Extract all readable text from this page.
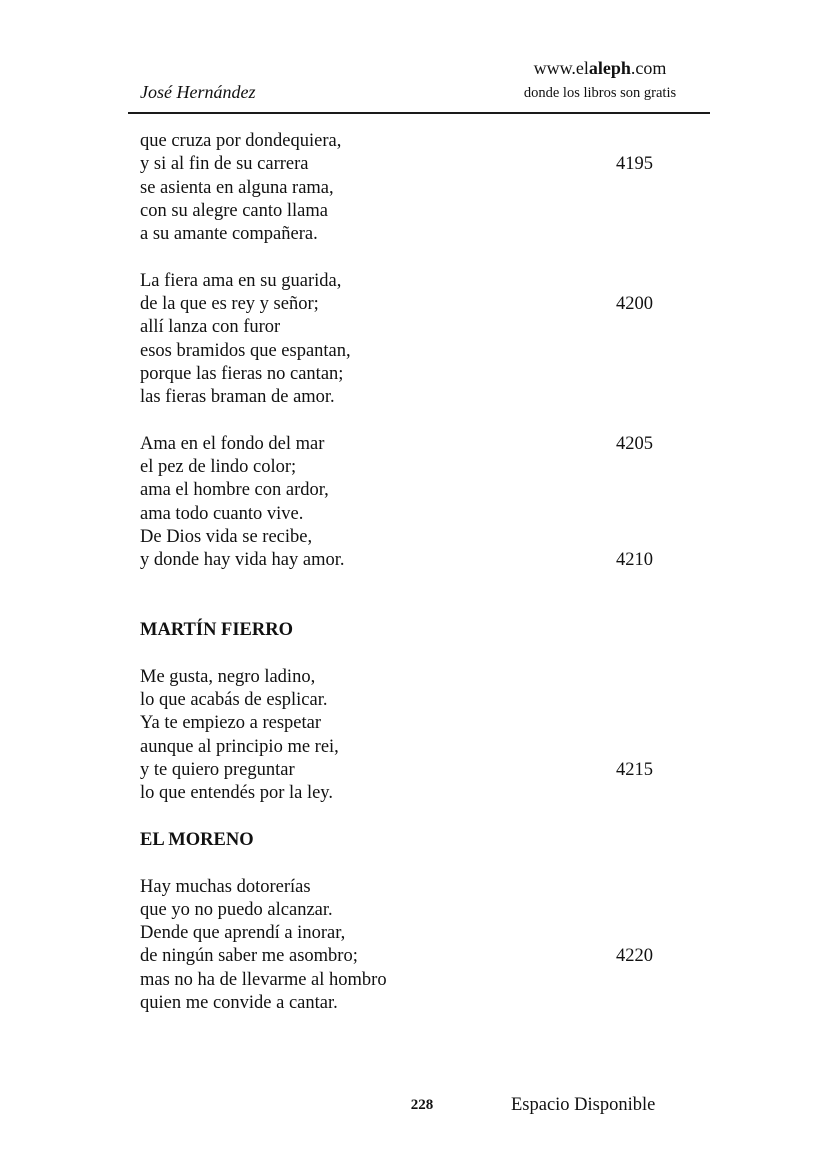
José Hernández
www.elaleph.com
donde los libros son gratis
que cruza por dondequiera,
y si al fin de su carrera	4195
se asienta en alguna rama,
con su alegre canto llama
a su amante compañera.
La fiera ama en su guarida,
de la que es rey y señor;	4200
allí lanza con furor
esos bramidos que espantan,
porque las fieras no cantan;
las fieras braman de amor.
Ama en el fondo del mar	4205
el pez de lindo color;
ama el hombre con ardor,
ama todo cuanto vive.
De Dios vida se recibe,
y donde hay vida hay amor.	4210
MARTÍN FIERRO
Me gusta, negro ladino,
lo que acabás de esplicar.
Ya te empiezo a respetar
aunque al principio me rei,
y te quiero preguntar	4215
lo que entendés por la ley.
EL MORENO
Hay muchas dotorerías
que yo no puedo alcanzar.
Dende que aprendí a inorar,
de ningún saber me asombro;	4220
mas no ha de llevarme al hombro
quien me convide a cantar.
228	Espacio Disponible
